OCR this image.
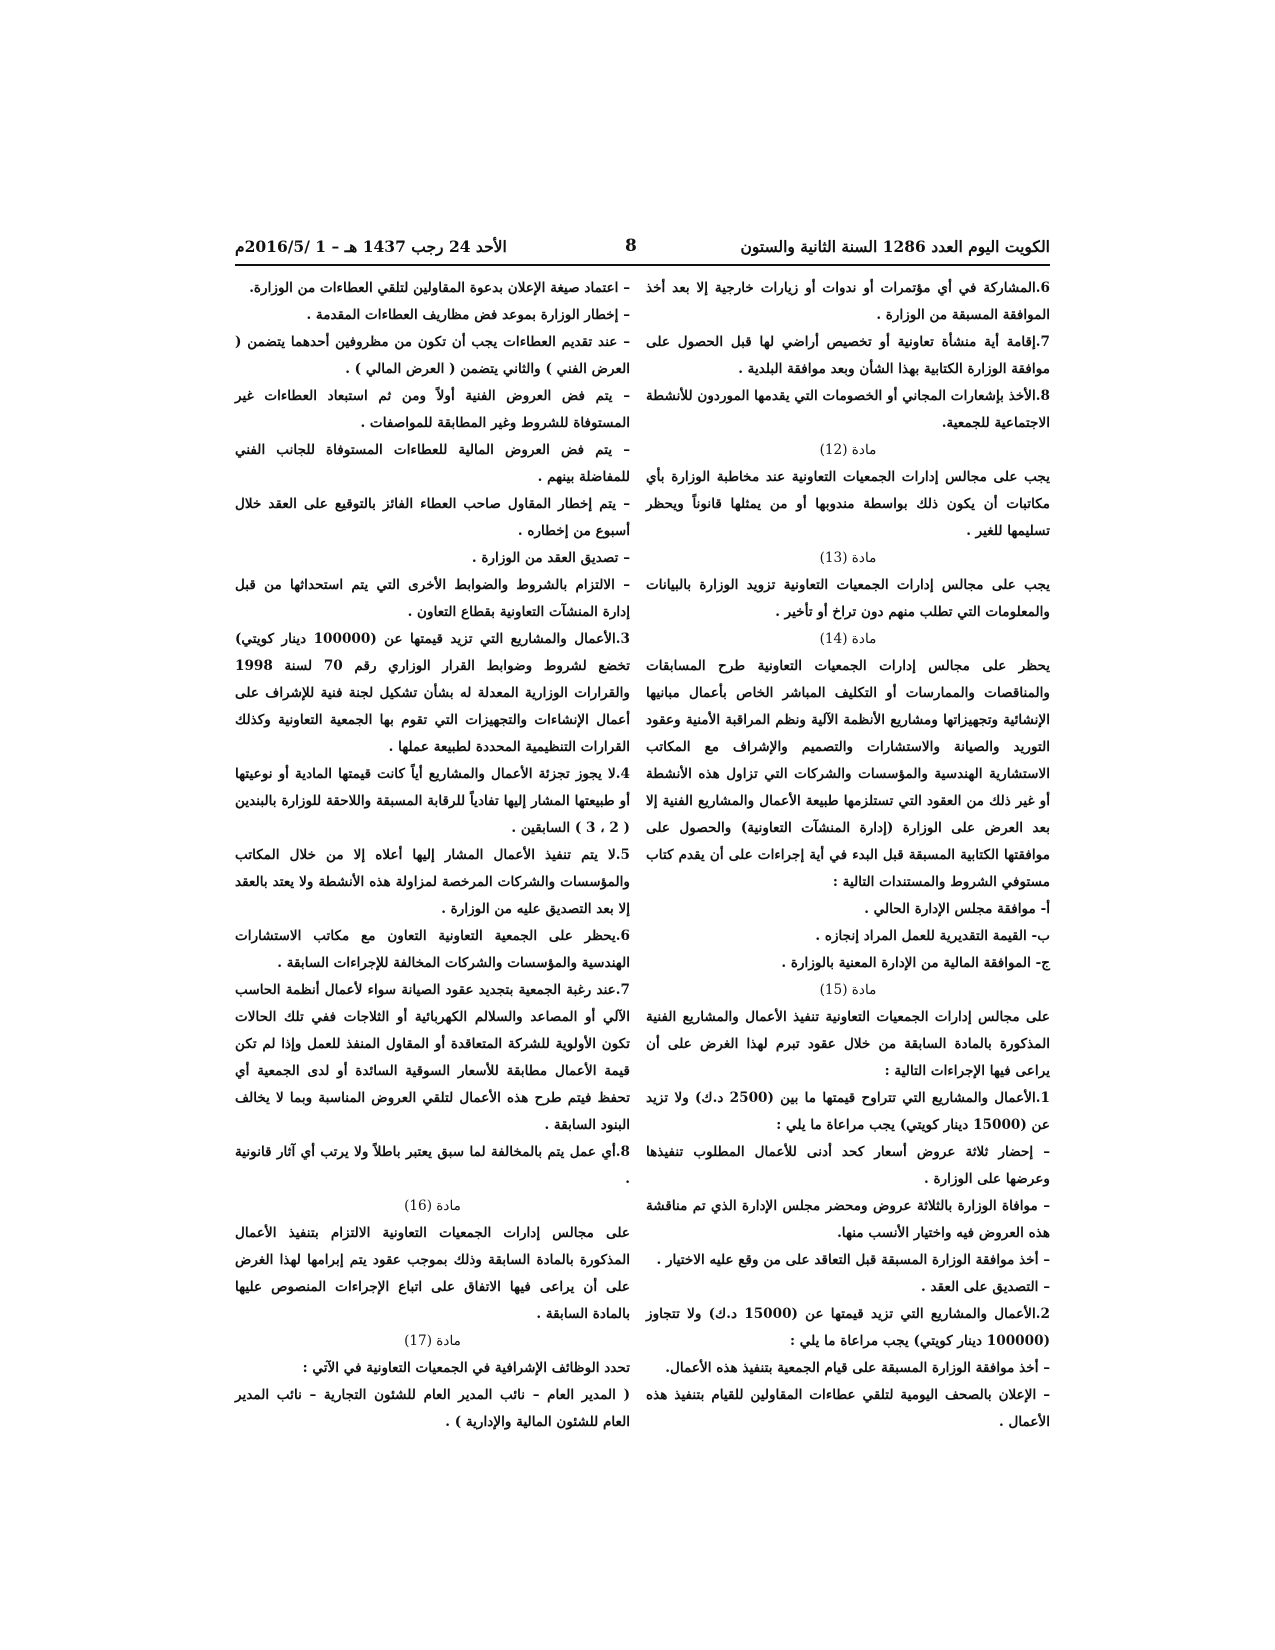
الكويت اليوم العدد 1286 السنة الثانية والستون
8
الأحد 24 رجب 1437 هـ – 1 /2016/5م

6.المشاركة في أي مؤتمرات أو ندوات أو زيارات خارجية إلا بعد أخذ الموافقة المسبقة من الوزارة .

7.إقامة أية منشأة تعاونية أو تخصيص أراضي لها قبل الحصول على موافقة الوزارة الكتابية بهذا الشأن وبعد موافقة البلدية .

8.الأخذ بإشعارات المجاني أو الخصومات التي يقدمها الموردون للأنشطة الاجتماعية للجمعية.

مادة (12)

يجب على مجالس إدارات الجمعيات التعاونية عند مخاطبة الوزارة بأي مكاتبات أن يكون ذلك بواسطة مندوبها أو من يمثلها قانوناً ويحظر تسليمها للغير .

مادة (13)

يجب على مجالس إدارات الجمعيات التعاونية تزويد الوزارة بالبيانات والمعلومات التي تطلب منهم دون تراخ أو تأخير .

مادة (14)

يحظر على مجالس إدارات الجمعيات التعاونية طرح المسابقات والمناقصات والممارسات أو التكليف المباشر الخاص بأعمال مبانيها الإنشائية وتجهيزاتها ومشاريع الأنظمة الآلية ونظم المراقبة الأمنية وعقود التوريد والصيانة والاستشارات والتصميم والإشراف مع المكاتب الاستشارية الهندسية والمؤسسات والشركات التي تزاول هذه الأنشطة أو غير ذلك من العقود التي تستلزمها طبيعة الأعمال والمشاريع الفنية إلا بعد العرض على الوزارة (إدارة المنشآت التعاونية) والحصول على موافقتها الكتابية المسبقة قبل البدء في أية إجراءات على أن يقدم كتاب مستوفي الشروط والمستندات التالية :

أ- موافقة مجلس الإدارة الحالي .

ب- القيمة التقديرية للعمل المراد إنجازه .

ج- الموافقة المالية من الإدارة المعنية بالوزارة .

مادة (15)

على مجالس إدارات الجمعيات التعاونية تنفيذ الأعمال والمشاريع الفنية المذكورة بالمادة السابقة من خلال عقود تبرم لهذا الغرض على أن يراعى فيها الإجراءات التالية :

1.الأعمال والمشاريع التي تتراوح قيمتها ما بين (2500 د.ك) ولا تزيد عن (15000 دينار كويتي) يجب مراعاة ما يلي :

– إحضار ثلاثة عروض أسعار كحد أدنى للأعمال المطلوب تنفيذها وعرضها على الوزارة .

– موافاة الوزارة بالثلاثة عروض ومحضر مجلس الإدارة الذي تم مناقشة هذه العروض فيه واختيار الأنسب منها.

– أخذ موافقة الوزارة المسبقة قبل التعاقد على من وقع عليه الاختيار .

– التصديق على العقد .

2.الأعمال والمشاريع التي تزيد قيمتها عن (15000 د.ك) ولا تتجاوز (100000 دينار كويتي) يجب مراعاة ما يلي :

– أخذ موافقة الوزارة المسبقة على قيام الجمعية بتنفيذ هذه الأعمال.

– الإعلان بالصحف اليومية لتلقي عطاءات المقاولين للقيام بتنفيذ هذه الأعمال .

– اعتماد صيغة الإعلان بدعوة المقاولين لتلقي العطاءات من الوزارة.

– إخطار الوزارة بموعد فض مظاريف العطاءات المقدمة .

– عند تقديم العطاءات يجب أن تكون من مظروفين أحدهما يتضمن ( العرض الفني ) والثاني يتضمن ( العرض المالي ) .

– يتم فض العروض الفنية أولاً ومن ثم استبعاد العطاءات غير المستوفاة للشروط وغير المطابقة للمواصفات .

– يتم فض العروض المالية للعطاءات المستوفاة للجانب الفني للمفاضلة بينهم .

– يتم إخطار المقاول صاحب العطاء الفائز بالتوقيع على العقد خلال أسبوع من إخطاره .

– تصديق العقد من الوزارة .

– الالتزام بالشروط والضوابط الأخرى التي يتم استحداثها من قبل إدارة المنشآت التعاونية بقطاع التعاون .

3.الأعمال والمشاريع التي تزيد قيمتها عن (100000 دينار كويتي) تخضع لشروط وضوابط القرار الوزاري رقم 70 لسنة 1998 والقرارات الوزارية المعدلة له بشأن تشكيل لجنة فنية للإشراف على أعمال الإنشاءات والتجهيزات التي تقوم بها الجمعية التعاونية وكذلك القرارات التنظيمية المحددة لطبيعة عملها .

4.لا يجوز تجزئة الأعمال والمشاريع أياً كانت قيمتها المادية أو نوعيتها أو طبيعتها المشار إليها تفادياً للرقابة المسبقة واللاحقة للوزارة بالبندين ( 2 ، 3 ) السابقين .

5.لا يتم تنفيذ الأعمال المشار إليها أعلاه إلا من خلال المكاتب والمؤسسات والشركات المرخصة لمزاولة هذه الأنشطة ولا يعتد بالعقد إلا بعد التصديق عليه من الوزارة .

6.يحظر على الجمعية التعاونية التعاون مع مكاتب الاستشارات الهندسية والمؤسسات والشركات المخالفة للإجراءات السابقة .

7.عند رغبة الجمعية بتجديد عقود الصيانة سواء لأعمال أنظمة الحاسب الآلي أو المصاعد والسلالم الكهربائية أو الثلاجات ففي تلك الحالات تكون الأولوية للشركة المتعاقدة أو المقاول المنفذ للعمل وإذا لم تكن قيمة الأعمال مطابقة للأسعار السوقية السائدة أو لدى الجمعية أي تحفظ فيتم طرح هذه الأعمال لتلقي العروض المناسبة وبما لا يخالف البنود السابقة .

8.أي عمل يتم بالمخالفة لما سبق يعتبر باطلاً ولا يرتب أي آثار قانونية .

مادة (16)

على مجالس إدارات الجمعيات التعاونية الالتزام بتنفيذ الأعمال المذكورة بالمادة السابقة وذلك بموجب عقود يتم إبرامها لهذا الغرض على أن يراعى فيها الاتفاق على اتباع الإجراءات المنصوص عليها بالمادة السابقة .

مادة (17)

تحدد الوظائف الإشرافية في الجمعيات التعاونية في الآتي :

( المدير العام – نائب المدير العام للشئون التجارية – نائب المدير العام للشئون المالية والإدارية ) .
